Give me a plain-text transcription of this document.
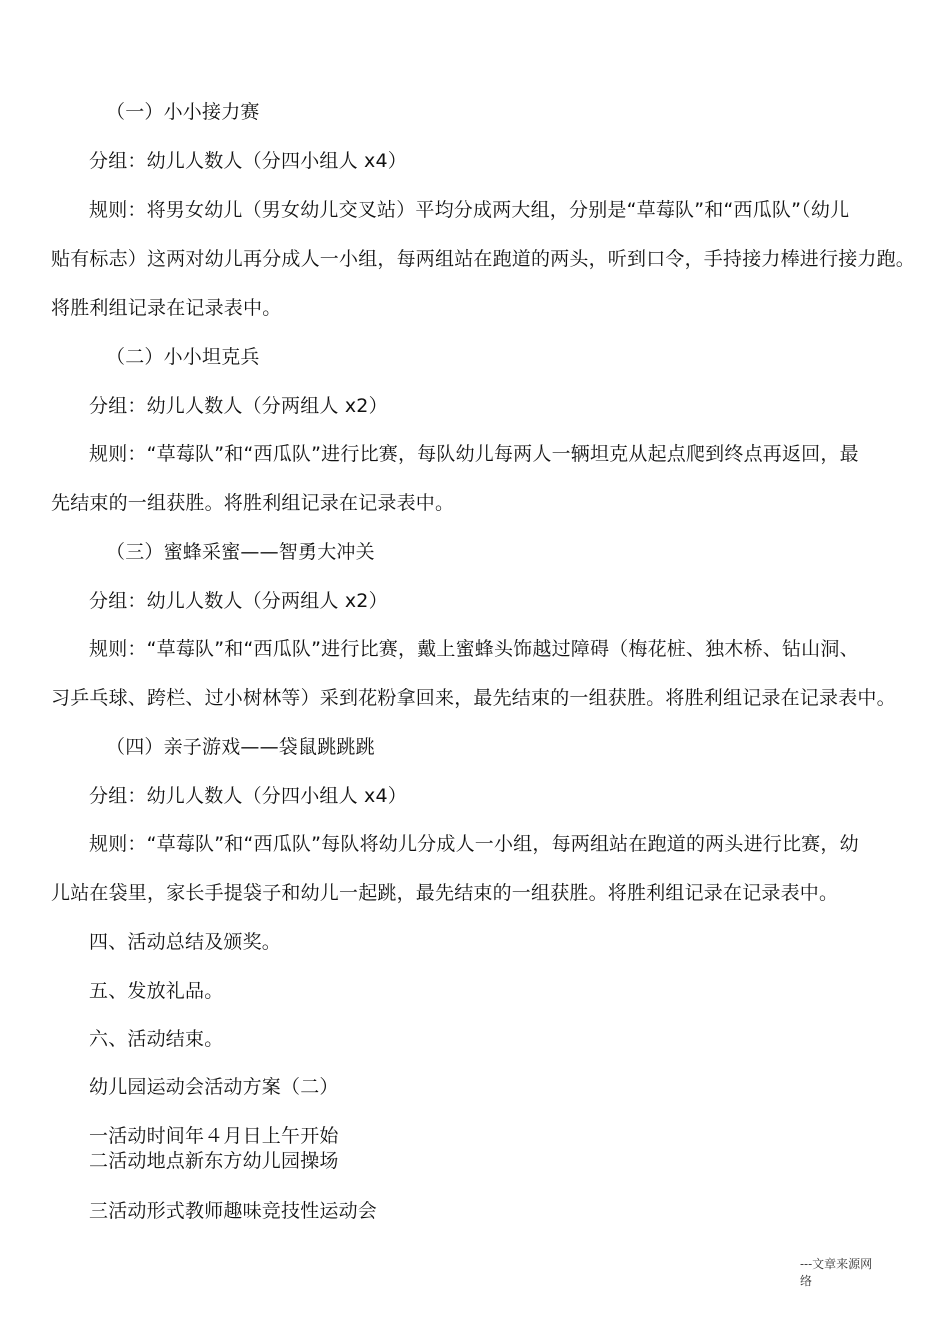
（一）小小接力赛
分组：幼儿人数人（分四小组人 x4）
规则：将男女幼儿（男女幼儿交叉站）平均分成两大组，分别是“草莓队”和“西瓜队”（幼儿
贴有标志）这两对幼儿再分成人一小组，每两组站在跑道的两头，听到口令，手持接力棒进行接力跑。
将胜利组记录在记录表中。
（二）小小坦克兵
分组：幼儿人数人（分两组人 x2）
规则：“草莓队”和“西瓜队”进行比赛，每队幼儿每两人一辆坦克从起点爬到终点再返回，最
先结束的一组获胜。将胜利组记录在记录表中。
（三）蜜蜂采蜜——智勇大冲关
分组：幼儿人数人（分两组人 x2）
规则：“草莓队”和“西瓜队”进行比赛，戴上蜜蜂头饰越过障碍（梅花桩、独木桥、钻山洞、
习乒乓球、跨栏、过小树林等）采到花粉拿回来，最先结束的一组获胜。将胜利组记录在记录表中。
（四）亲子游戏——袋鼠跳跳跳
分组：幼儿人数人（分四小组人 x4）
规则：“草莓队”和“西瓜队”每队将幼儿分成人一小组，每两组站在跑道的两头进行比赛，幼
儿站在袋里，家长手提袋子和幼儿一起跳，最先结束的一组获胜。将胜利组记录在记录表中。
四、活动总结及颁奖。
五、发放礼品。
六、活动结束。
幼儿园运动会活动方案（二）
一活动时间年４月日上午开始
二活动地点新东方幼儿园操场
三活动形式教师趣味竞技性运动会
---文章来源网
络
